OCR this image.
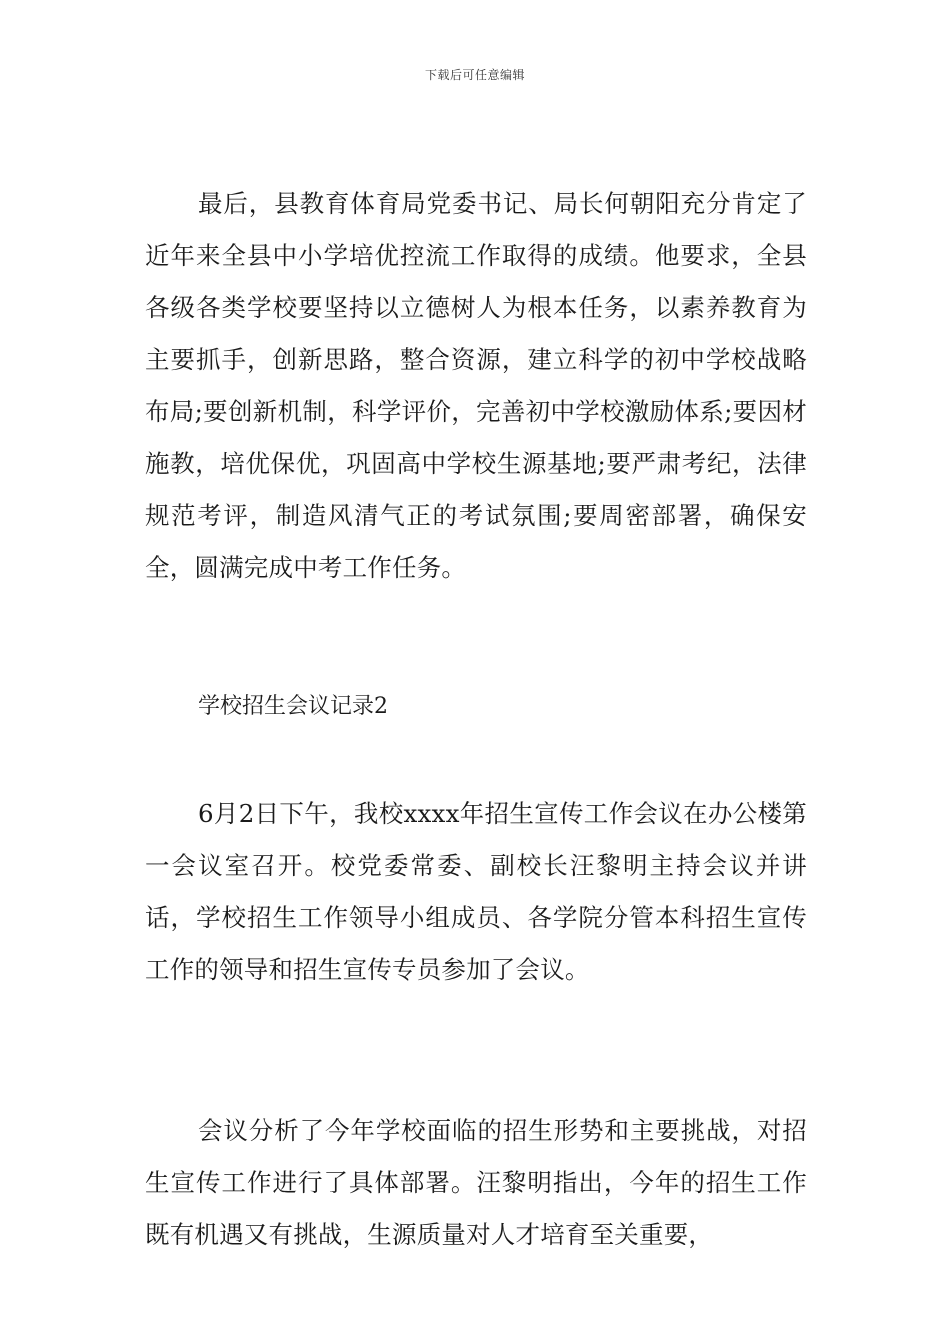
下载后可任意编辑

最后，县教育体育局党委书记、局长何朝阳充分肯定了近年来全县中小学培优控流工作取得的成绩。他要求，全县各级各类学校要坚持以立德树人为根本任务，以素养教育为主要抓手，创新思路，整合资源，建立科学的初中学校战略布局;要创新机制，科学评价，完善初中学校激励体系;要因材施教，培优保优，巩固高中学校生源基地;要严肃考纪，法律规范考评，制造风清气正的考试氛围;要周密部署，确保安全，圆满完成中考工作任务。

学校招生会议记录2

6月2日下午，我校xxxx年招生宣传工作会议在办公楼第一会议室召开。校党委常委、副校长汪黎明主持会议并讲话，学校招生工作领导小组成员、各学院分管本科招生宣传工作的领导和招生宣传专员参加了会议。

会议分析了今年学校面临的招生形势和主要挑战，对招生宣传工作进行了具体部署。汪黎明指出，今年的招生工作既有机遇又有挑战，生源质量对人才培育至关重要，
